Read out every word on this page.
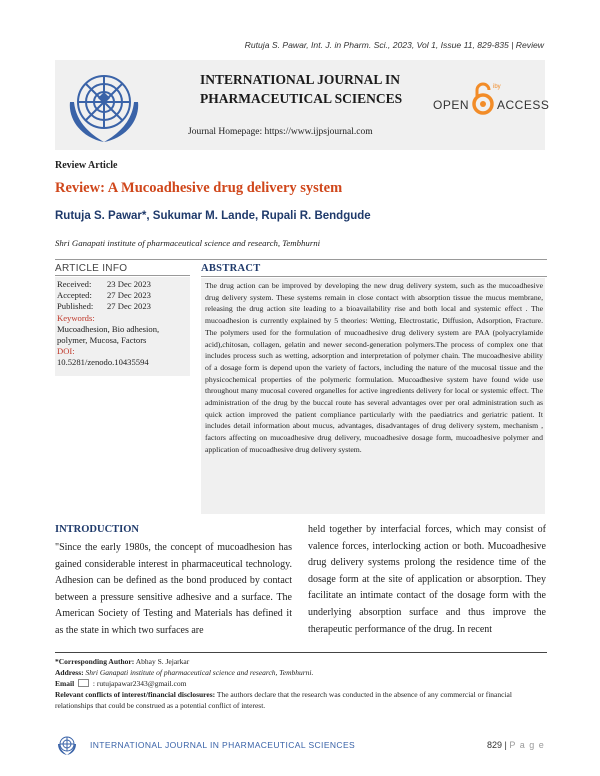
Rutuja S. Pawar, Int. J. in Pharm. Sci., 2023, Vol 1, Issue 11, 829-835 | Review
INTERNATIONAL JOURNAL IN
PHARMACEUTICAL SCIENCES
Journal Homepage: https://www.ijpsjournal.com
OPEN
iby
ACCESS
Review Article
Review: A Mucoadhesive drug delivery system
Rutuja S. Pawar*, Sukumar M. Lande, Rupali R. Bendgude
Shri Ganapati institute of pharmaceutical science and research, Tembhurni
ARTICLE INFO
Received:	23 Dec 2023
Accepted:	27 Dec 2023
Published:	27 Dec 2023
Keywords:
Mucoadhesion, Bio adhesion, polymer, Mucosa, Factors
DOI:
10.5281/zenodo.10435594
ABSTRACT
The drug action can be improved by developing the new drug delivery system, such as the mucoadhesive drug delivery system. These systems remain in close contact with absorption tissue the mucus membrane, releasing the drug action site leading to a bioavailability rise and both local and systemic effect . The mucoadhesion is currently explained by 5 theories: Wetting, Electrostatic, Diffusion, Adsorption, Fracture. The polymers used for the formulation of mucoadhesive drug delivery system are PAA (polyacrylamide acid),chitosan, collagen, gelatin and newer second-generation polymers.The process of complex one that includes process such as wetting, adsorption and interpretation of polymer chain. The mucoadhesive ability of a dosage form is depend upon the variety of factors, including the nature of the mucosal tissue and the physicochemical properties of the polymeric formulation. Mucoadhesive system have found wide use throughout many mucosal covered organelles for active ingredients delivery for local or systemic effect. The administration of the drug by the buccal route has several advantages over per oral administration such as quick action improved the patient compliance particularly with the paediatrics and geriatric patient. It includes detail information about mucus, advantages, disadvantages of drug delivery system, mechanism , factors affecting on mucoadhesive drug delivery, mucoadhesive dosage form, mucoadhesive polymer and application of mucoadhesive drug delivery system.
INTRODUCTION
"Since the early 1980s, the concept of mucoadhesion has gained considerable interest in pharmaceutical technology. Adhesion can be defined as the bond produced by contact between a pressure sensitive adhesive and a surface. The American Society of Testing and Materials has defined it as the state in which two surfaces are
held together by interfacial forces, which may consist of valence forces, interlocking action or both. Mucoadhesive drug delivery systems prolong the residence time of the dosage form at the site of application or absorption. They facilitate an intimate contact of the dosage form with the underlying absorption surface and thus improve the therapeutic performance of the drug. In recent
*Corresponding Author: Abhay S. Jejarkar
Address: Shri Ganapati institute of pharmaceutical science and research, Tembhurni.
Email	: rutujapawar2343@gmail.com
Relevant conflicts of interest/financial disclosures: The authors declare that the research was conducted in the absence of any commercial or financial relationships that could be construed as a potential conflict of interest.
INTERNATIONAL JOURNAL IN PHARMACEUTICAL SCIENCES	829 | P a g e
